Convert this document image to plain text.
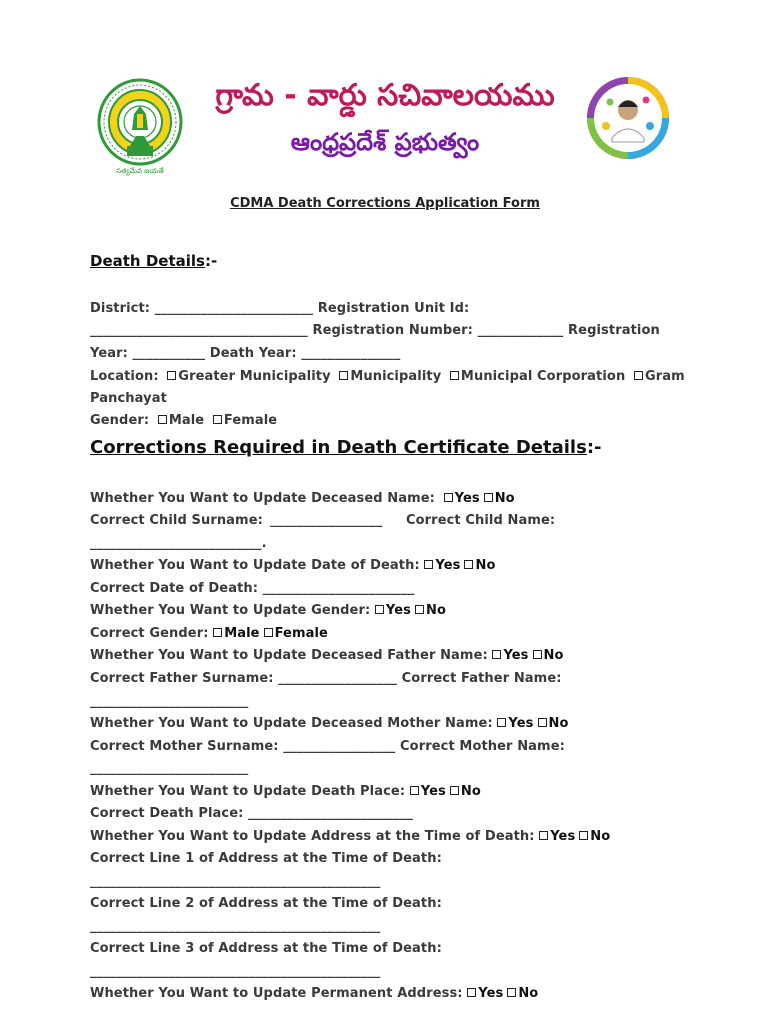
సత్యమేవ జయతే
గ్రామ - వార్డు సచివాలయము
ఆంధ్రప్రదేశ్ ప్రభుత్వం
CDMA Death Corrections Application Form
Death Details:-
District: ________________________ Registration Unit Id:
_________________________________ Registration Number: _____________ Registration
Year: ___________ Death Year: _______________
Location: Greater Municipality Municipality Municipal Corporation Gram
Panchayat
Gender: Male Female
Corrections Required in Death Certificate Details:-
Whether You Want to Update Deceased Name: Yes No
Correct Child Surname: _________________ Correct Child Name:
__________________________.
Whether You Want to Update Date of Death: Yes No
Correct Date of Death: _______________________
Whether You Want to Update Gender: Yes No
Correct Gender: Male Female
Whether You Want to Update Deceased Father Name: Yes No
Correct Father Surname: __________________ Correct Father Name:
________________________
Whether You Want to Update Deceased Mother Name: Yes No
Correct Mother Surname: _________________ Correct Mother Name:
________________________
Whether You Want to Update Death Place: Yes No
Correct Death Place: _________________________
Whether You Want to Update Address at the Time of Death: Yes No
Correct Line 1 of Address at the Time of Death:
____________________________________________
Correct Line 2 of Address at the Time of Death:
____________________________________________
Correct Line 3 of Address at the Time of Death:
____________________________________________
Whether You Want to Update Permanent Address: Yes No
